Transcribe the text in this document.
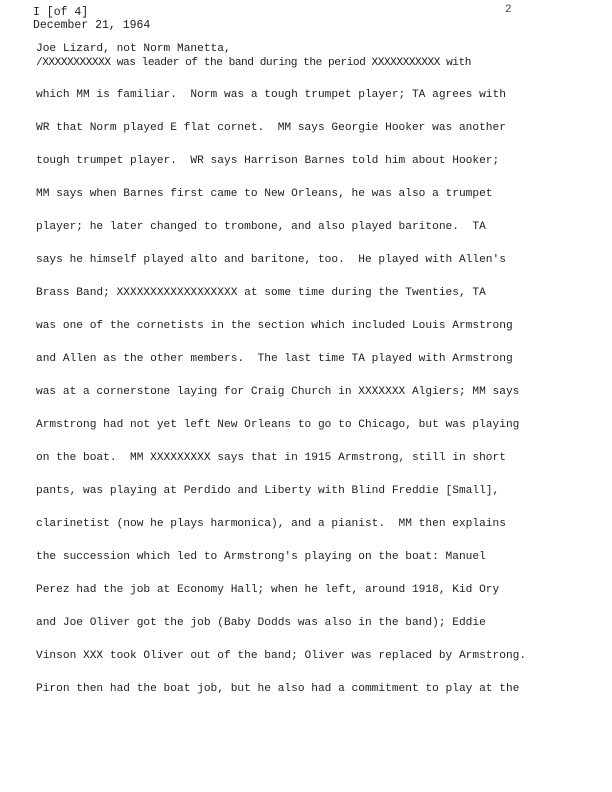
I [of 4]
December 21, 1964
2
Joe Lizard, not Norm Manetta,
/XXXXXXXXXXX was leader of the band during the period XXXXXXXXXXX with
which MM is familiar.  Norm was a tough trumpet player; TA agrees with
WR that Norm played E flat cornet.  MM says Georgie Hooker was another
tough trumpet player.  WR says Harrison Barnes told him about Hooker;
MM says when Barnes first came to New Orleans, he was also a trumpet
player; he later changed to trombone, and also played baritone.  TA
says he himself played alto and baritone, too.  He played with Allen's
Brass Band; XXXXXXXXXXXXXXXXXX at some time during the Twenties, TA
was one of the cornetists in the section which included Louis Armstrong
and Allen as the other members.  The last time TA played with Armstrong
was at a cornerstone laying for Craig Church in XXXXXXX Algiers; MM says
Armstrong had not yet left New Orleans to go to Chicago, but was playing
on the boat.  MM XXXXXXXXX says that in 1915 Armstrong, still in short
pants, was playing at Perdido and Liberty with Blind Freddie [Small],
clarinetist (now he plays harmonica), and a pianist.  MM then explains
the succession which led to Armstrong's playing on the boat: Manuel
Perez had the job at Economy Hall; when he left, around 1918, Kid Ory
and Joe Oliver got the job (Baby Dodds was also in the band); Eddie
Vinson XXX took Oliver out of the band; Oliver was replaced by Armstrong.
Piron then had the boat job, but he also had a commitment to play at the
